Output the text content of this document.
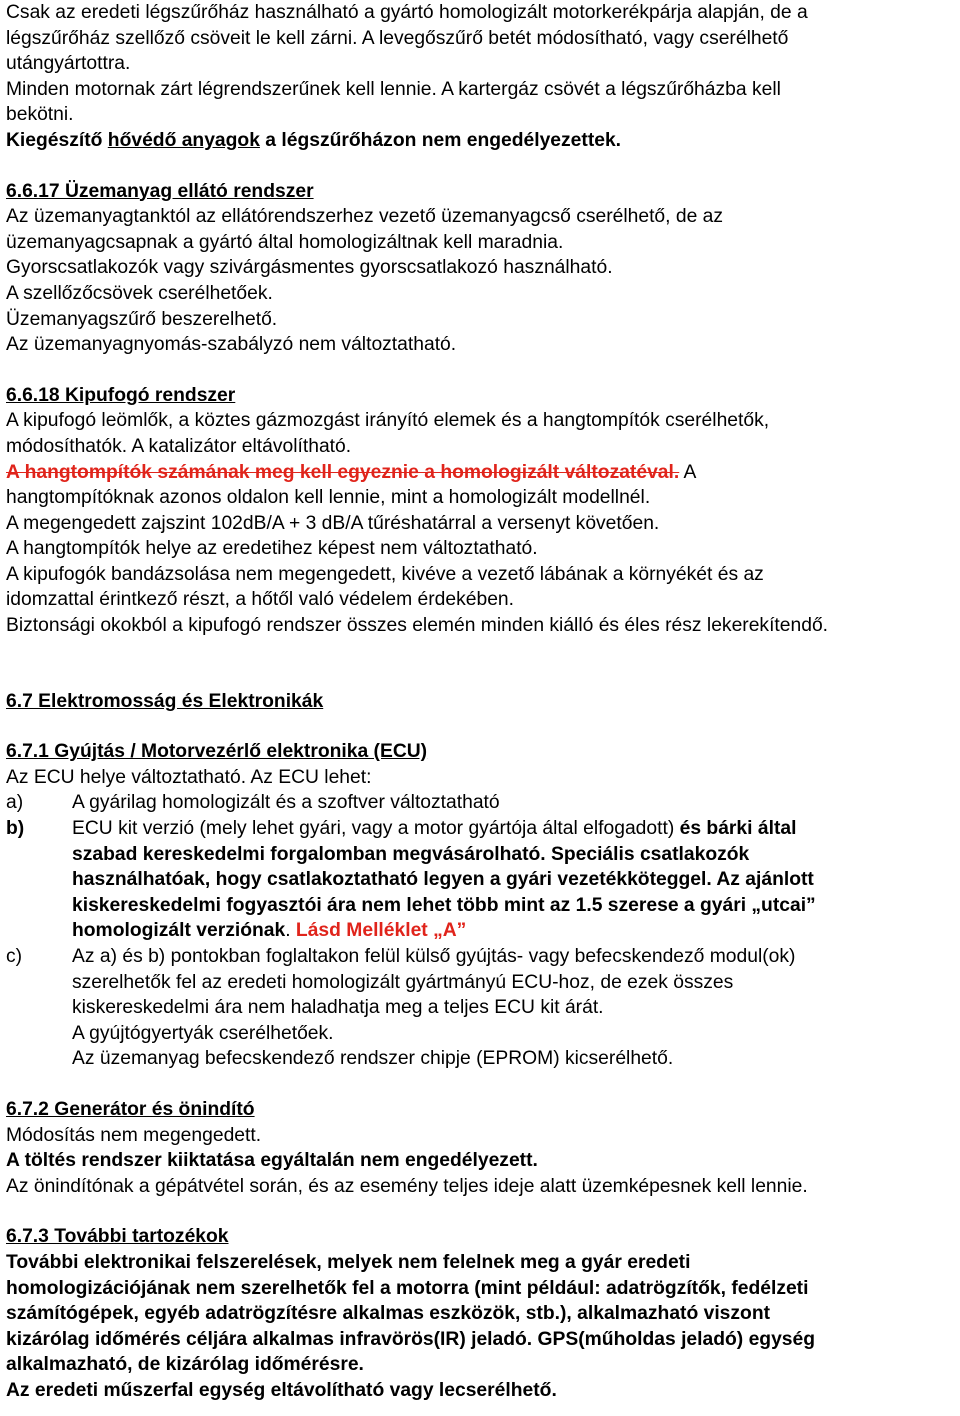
Csak az eredeti légszűrőház használható a gyártó homologizált motorkerékpárja alapján, de a

légszűrőház szellőző csöveit le kell zárni. A levegőszűrő betét módosítható, vagy cserélhető

utángyártottra.

Minden motornak zárt légrendszerűnek kell lennie. A kartergáz csövét a légszűrőházba kell

bekötni.

Kiegészítő hővédő anyagok a légszűrőházon nem engedélyezettek.

6.6.17 Üzemanyag ellátó rendszer

Az üzemanyagtanktól az ellátórendszerhez vezető üzemanyagcső cserélhető, de az

üzemanyagcsapnak a gyártó által homologizáltnak kell maradnia.

Gyorscsatlakozók vagy szivárgásmentes gyorscsatlakozó használható.

A szellőzőcsövek cserélhetőek.

Üzemanyagszűrő beszerelhető.

Az üzemanyagnyomás-szabályzó nem változtatható.

6.6.18 Kipufogó rendszer

A kipufogó leömlők, a köztes gázmozgást irányító elemek és a hangtompítók cserélhetők,

módosíthatók. A katalizátor eltávolítható.

A hangtompítók számának meg kell egyeznie a homologizált változatéval. A

hangtompítóknak azonos oldalon kell lennie, mint a homologizált modellnél.

A megengedett zajszint 102dB/A + 3 dB/A tűréshatárral a versenyt követően.

A hangtompítók helye az eredetihez képest nem változtatható.

A kipufogók bandázsolása nem megengedett, kivéve a vezető lábának a környékét és az

idomzattal érintkező részt, a hőtől való védelem érdekében.

Biztonsági okokból a kipufogó rendszer összes elemén minden kiálló és éles rész lekerekítendő.

6.7 Elektromosság és Elektronikák
6.7.1 Gyújtás / Motorvezérlő elektronika (ECU)

Az ECU helye változtatható. Az ECU lehet:

a)	A gyárilag homologizált és a szoftver változtatható
b)	ECU kit verzió (mely lehet gyári, vagy a motor gyártója által elfogadott) és bárki által

szabad kereskedelmi forgalomban megvásárolható. Speciális csatlakozók

használhatóak, hogy csatlakoztatható legyen a gyári vezetékköteggel. Az ajánlott

kiskereskedelmi fogyasztói ára nem lehet több mint az 1.5 szerese a gyári „utcai”

homologizált verziónak. Lásd Melléklet „A”

c)	Az a) és b) pontokban foglaltakon felül külső gyújtás- vagy befecskendező modul(ok)

szerelhetők fel az eredeti homologizált gyártmányú ECU-hoz, de ezek összes

kiskereskedelmi ára nem haladhatja meg a teljes ECU kit árát.

A gyújtógyertyák cserélhetőek.

Az üzemanyag befecskendező rendszer chipje (EPROM) kicserélhető.

6.7.2 Generátor és önindító

Módosítás nem megengedett.

A töltés rendszer kiiktatása egyáltalán nem engedélyezett.

Az önindítónak a gépátvétel során, és az esemény teljes ideje alatt üzemképesnek kell lennie.

6.7.3 További tartozékok

További elektronikai felszerelések, melyek nem felelnek meg a gyár eredeti

homologizációjának nem szerelhetők fel a motorra (mint például: adatrögzítők, fedélzeti

számítógépek, egyéb adatrögzítésre alkalmas eszközök, stb.), alkalmazható viszont

kizárólag időmérés céljára alkalmas infravörös(IR) jeladó. GPS(műholdas jeladó) egység

alkalmazható, de kizárólag időmérésre.

Az eredeti műszerfal egység eltávolítható vagy lecserélhető.
